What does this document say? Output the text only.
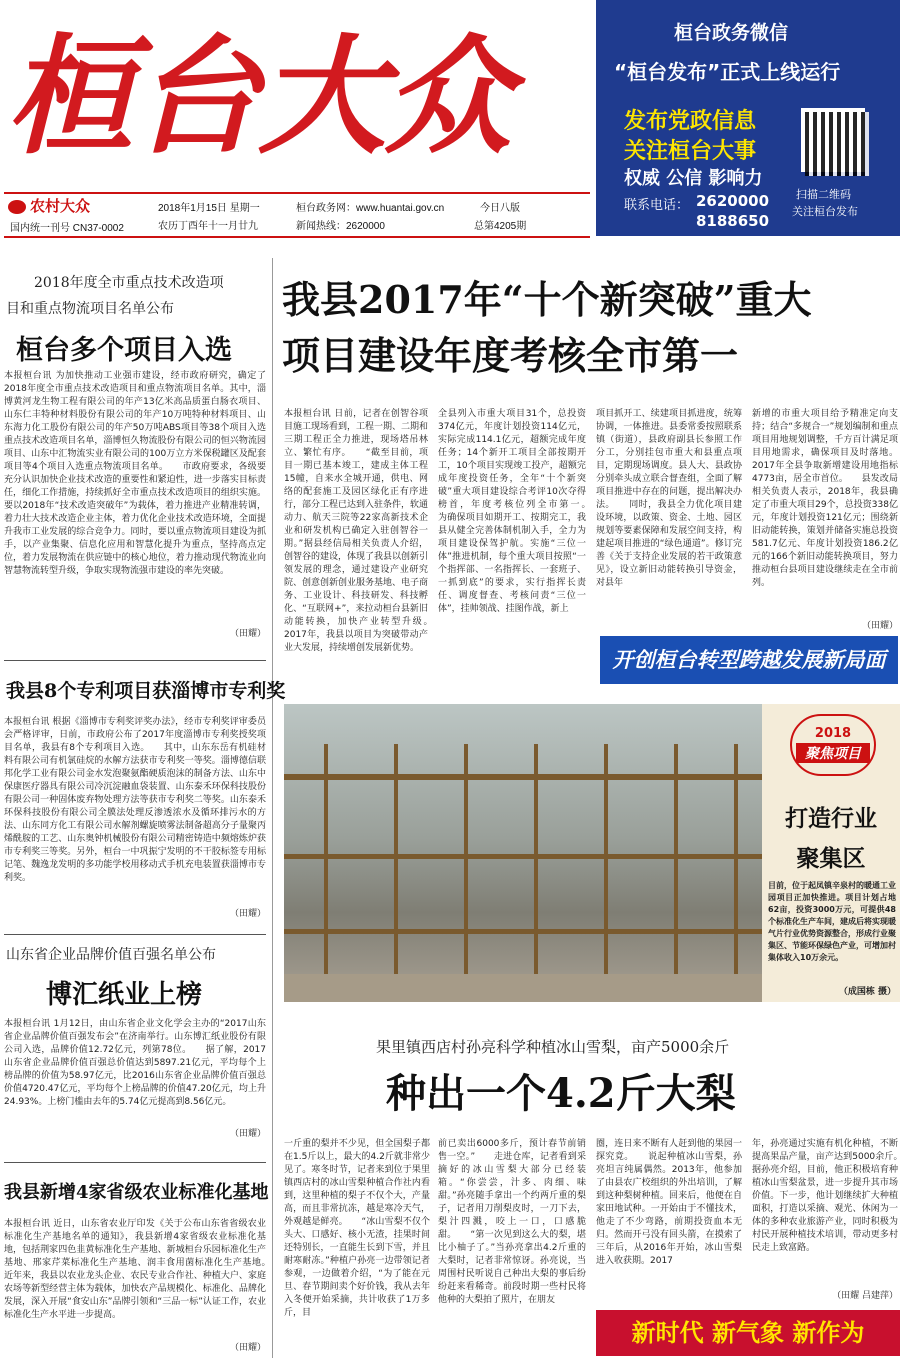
桓台大众
农村大众
国内统一刊号 CN37-0002
2018年1月15日 星期一
农历丁酉年十一月廿九
桓台政务网：www.huantai.gov.cn
新闻热线：2620000
今日八版
总第4205期
桓台政务微信
“桓台发布”正式上线运行
发布党政信息
关注桓台大事
权威 公信 影响力
联系电话： 2620000
8188650
扫描二维码
关注桓台发布
2018年度全市重点技术改造项
目和重点物流项目名单公布
桓台多个项目入选
本报桓台讯 为加快推动工业强市建设，经市政府研究，确定了2018年度全市重点技术改造项目和重点物流项目名单。其中，淄博黄河龙生物工程有限公司的年产13亿米高品质蛋白肠衣项目、山东仁丰特种材料股份有限公司的年产10万吨特种材料项目、山东海力化工股份有限公司的年产50万吨ABS项目等38个项目入选重点技术改造项目名单，淄博恒久物流股份有限公司的恒兴物流园项目、山东中汇物流实业有限公司的100万立方米保税罐区及配套项目等4个项目入选重点物流项目名单。　　市政府要求，各级要充分认识加快企业技术改造的重要性和紧迫性，进一步落实目标责任，细化工作措施，持续抓好全市重点技术改造项目的组织实施。要以2018年“技术改造突破年”为载体，着力推进产业精准转调，着力壮大技术改造企业主体，着力优化企业技术改造环境，全面提升我市工业发展的综合竞争力。同时，要以重点物流项目建设为抓手，以产业集聚、信息化应用和智慧化提升为重点，坚持高点定位，着力发展物流在供应链中的核心地位，着力推动现代物流业向智慧物流转型升级，争取实现物流强市建设的率先突破。
（田耀）
我县8个专利项目获淄博市专利奖
本报桓台讯 根据《淄博市专利奖评奖办法》，经市专利奖评审委员会严格评审，日前，市政府公布了2017年度淄博市专利奖授奖项目名单，我县有8个专利项目入选。　　其中，山东东岳有机硅材料有限公司有机氯硅烷的水解方法获市专利奖一等奖。淄博德信联邦化学工业有限公司金水发泡聚氨酯硬质泡沫的制备方法、山东中保康医疗器具有限公司冷沉淀融血袋装置、山东泰禾环保科技股份有限公司一种固体废弃物处理方法等获市专利奖二等奖。山东泰禾环保科技股份有限公司全膜法处理反渗透浓水及循环排污水的方法、山东同方化工有限公司水解剂螺旋喷雾法制备超高分子量聚丙烯酰胺的工艺、山东奥钟机械股份有限公司精密铸造中频熔炼炉获市专利奖三等奖。另外，桓台一中巩振宁发明的不干胶标签专用标记笔、魏逸龙发明的多功能学校用移动式手机充电装置获淄博市专利奖。
（田耀）
山东省企业品牌价值百强名单公布
博汇纸业上榜
本报桓台讯 1月12日，由山东省企业文化学会主办的“2017山东省企业品牌价值百强发布会”在济南举行。山东博汇纸业股份有限公司入选，品牌价值12.72亿元，列第78位。　　据了解，2017山东省企业品牌价值百强总价值达到5897.21亿元，平均每个上榜品牌的价值为58.97亿元，比2016山东省企业品牌价值百强总价值4720.47亿元，平均每个上榜品牌的价值47.20亿元，均上升24.93%。上榜门槛由去年的5.74亿元提高到8.56亿元。
（田耀）
我县新增4家省级农业标准化基地
本报桓台讯 近日，山东省农业厅印发《关于公布山东省省级农业标准化生产基地名单的通知》，我县新增4家省级农业标准化基地，包括荆家四色韭黄标准化生产基地、新城桓台乐园标准化生产基地、邢家芹菜标准化生产基地、润丰食用菌标准化生产基地。　　近年来，我县以农业龙头企业、农民专业合作社、种植大户、家庭农场等新型经营主体为载体，加快农产品规模化、标准化、品牌化发展，深入开展“食安山东”品牌引领和“三品一标”认证工作，农业标准化生产水平进一步提高。
（田耀）
我县2017年“十个新突破”重大
项目建设年度考核全市第一
本报桓台讯 日前，记者在创智谷项目施工现场看到，工程一期、二期和三期工程正全力推进，现场塔吊林立、繁忙有序。　　“截至目前，项目一期已基本竣工，建成主体工程15幢，自来水全城开通，供电、网络的配套施工及园区绿化正有序进行，部分工程已达到入驻条件，软通动力、航天三院等22家高新技术企业和研发机构已确定入驻创智谷一期。”据县经信局相关负责人介绍，创智谷的建设，体现了我县以创新引领发展的理念，通过建设产业研究院、创意创新创业服务基地、电子商务、工业设计、科技研发、科技孵化、“互联网+”，来拉动桓台县新旧动能转换，加快产业转型升级。　　2017年，我县以项目为突破带动产业大发展，持续增创发展新优势。
全县列入市重大项目31个，总投资374亿元，年度计划投资114亿元，实际完成114.1亿元，超额完成年度任务；14个新开工项目全部按期开工，10个项目实现竣工投产，超额完成年度投资任务，全年“十个新突破”重大项目建设综合考评10次夺得榜首，年度考核位列全市第一。　　为确保项目如期开工、按期完工，我县从健全完善体制机制入手，全力为项目建设保驾护航。实施“三位一体”推进机制，每个重大项目按照“一个指挥部、一名指挥长、一套班子、一抓到底”的要求，实行指挥长责任、调度督查、考核问责“三位一体”，挂帅领战、挂图作战，新上
项目抓开工、续建项目抓进度，统筹协调，一体推进。县委常委按照联系镇（街道），县政府副县长参照工作分工，分别挂包市重大和县重点项目，定期现场调度。县人大、县政协分别牵头成立联合督查组，全面了解项目推进中存在的问题，提出解决办法。　　同时，我县全力优化项目建设环境，以政策、资金、土地、园区规划等要素保障和发展空间支持，构建起项目推进的“绿色通道”。修订完善《关于支持企业发展的若干政策意见》，设立新旧动能转换引导资金，对县年
新增的市重大项目给予精准定向支持；结合“多规合一”规划编制和重点项目用地规划调整，千方百计满足项目用地需求，确保项目及时落地。2017年全县争取新增建设用地指标4773亩，居全市首位。　　县发改局相关负责人表示，2018年，我县确定了市重大项目29个，总投资338亿元，年度计划投资121亿元；围绕新旧动能转换，策划并储备实施总投资581.7亿元、年度计划投资186.2亿元的166个新旧动能转换项目，努力推动桓台县项目建设继续走在全市前列。
（田耀）
开创桓台转型跨越发展新局面
2018
聚焦项目
打造行业
聚集区
目前，位于起凤镇辛泉村的暖通工业园项目正加快推进。项目计划占地62亩，投资3000万元，可提供48个标准化生产车间，建成后将实现暖气片行业优势资源整合，形成行业聚集区、节能环保绿色产业，可增加村集体收入10万余元。
（成国栋 摄）
果里镇西店村孙亮科学种植冰山雪梨，亩产5000余斤
种出一个4.2斤大梨
一斤重的梨并不少见，但全国梨子都在1.5斤以上，最大的4.2斤就非常少见了。寒冬时节，记者来到位于果里镇西店村的冰山雪梨种植合作社内看到，这里种植的梨子不仅个大，产量高，而且非常抗冻，越是寒冷天气，外观越是鲜亮。　　“冰山雪梨不仅个头大、口感好、核小无渣，挂果时间还特别长，一直能生长到下雪，并且耐寒耐冻。”种植户孙亮一边带领记者参观，一边做着介绍，“为了能在元旦、春节期间卖个好价钱，我从去年入冬便开始采摘，共计收获了1万多斤，目
前已卖出6000多斤，预计春节前销售一空。”　　走进仓库，记者看到采摘好的冰山雪梨大部分已经装箱。“你尝尝，汁多、肉细、味甜。”孙亮随手拿出一个约两斤重的梨子，记者用刀削梨皮时，一刀下去，梨汁四溅，咬上一口，口感脆甜。　　“第一次见到这么大的梨，堪比小柚子了。”当孙亮拿出4.2斤重的大梨时，记者非常惊讶。孙亮说，当周围村民听说自己种出大梨的事后纷纷赶来看稀奇。前段时期一些村民将他种的大梨拍了照片，在朋友
圈，连日来不断有人赶到他的果园一探究竟。　　说起种植冰山雪梨，孙亮坦言纯属偶然。2013年，他参加了由县农广校组织的外出培训，了解到这种梨树种植。回来后，他便在自家田地试种。一开始由于不懂技术，他走了不少弯路，前期投资血本无归。然而开弓没有回头箭，在摸索了三年后，从2016年开始，冰山雪梨进入收获期。2017
年，孙亮通过实施有机化种植，不断提高果品产量，亩产达到5000余斤。　　据孙亮介绍，目前，他正积极培育种植冰山雪梨盆景，进一步提升其市场价值。下一步，他计划继续扩大种植面积，打造以采摘、观光、休闲为一体的多种农业旅游产业，同时积极为村民开展种植技术培训，带动更多村民走上致富路。
（田耀 吕建萍）
新时代 新气象 新作为
